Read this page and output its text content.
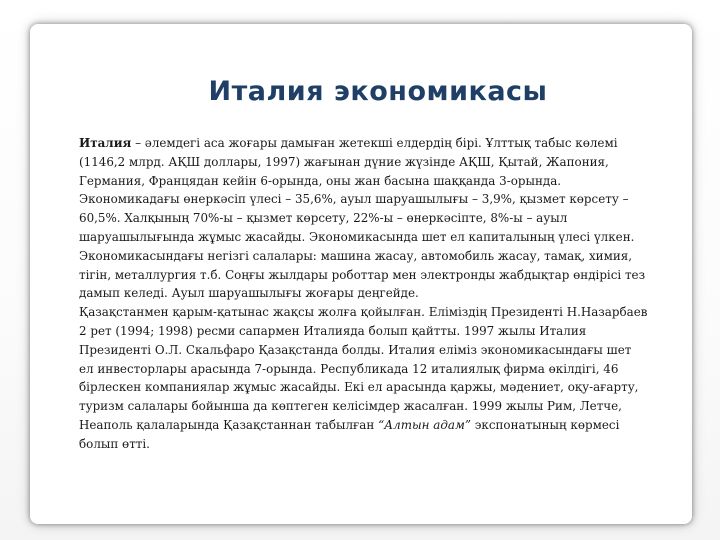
Италия экономикасы

Италия – әлемдегі аса жоғары дамыған жетекші елдердің бірі. Ұлттық табыс көлемі (1146,2 млрд. АҚШ доллары, 1997) жағынан дүние жүзінде АҚШ, Қытай, Жапония, Германия, Францядан кейін 6-орында, оны жан басына шаққанда 3-орында. Экономикадағы өнеркәсіп үлесі – 35,6%, ауыл шаруашылығы – 3,9%, қызмет көрсету – 60,5%. Халқының 70%-ы – қызмет көрсету, 22%-ы – өнеркәсіпте, 8%-ы – ауыл шаруашылығында жұмыс жасайды. Экономикасында шет ел капиталының үлесі үлкен. Экономикасындағы негізгі салалары: машина жасау, автомобиль жасау, тамақ, химия, тігін, металлургия т.б. Соңғы жылдары роботтар мен электронды жабдықтар өндірісі тез дамып келеді. Ауыл шаруашылығы жоғары деңгейде.

Қазақстанмен қарым-қатынас жақсы жолға қойылған. Еліміздің Президенті Н.Назарбаев 2 рет (1994; 1998) ресми сапармен Италияда болып қайтты. 1997 жылы Италия Президенті О.Л. Скальфаро Қазақстанда болды. Италия еліміз экономикасындағы шет ел инвесторлары арасында 7-орында. Республикада 12 италиялық фирма өкілдігі, 46 бірлескен компаниялар жұмыс жасайды. Екі ел арасында қаржы, мәдениет, оқу-ағарту, туризм салалары бойынша да көптеген келісімдер жасалған. 1999 жылы Рим, Летче, Неаполь қалаларында Қазақстаннан табылған “Алтын адам” экспонатының көрмесі болып өтті.
